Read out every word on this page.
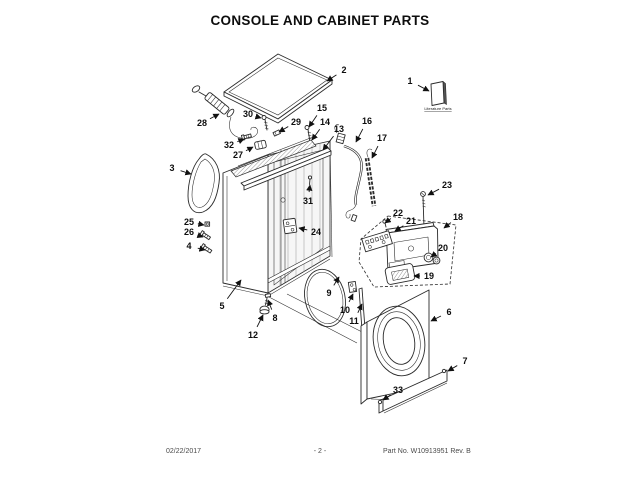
CONSOLE AND CABINET PARTS
Literature Parts
1
2
3
4
5
6
7
8
9
10
11
12
13
14
15
16
17
18
19
20
21
22
23
24
25
26
27
28	29
30
31
32
33
02/22/2017	- 2 -	Part No. W10913951 Rev. B
